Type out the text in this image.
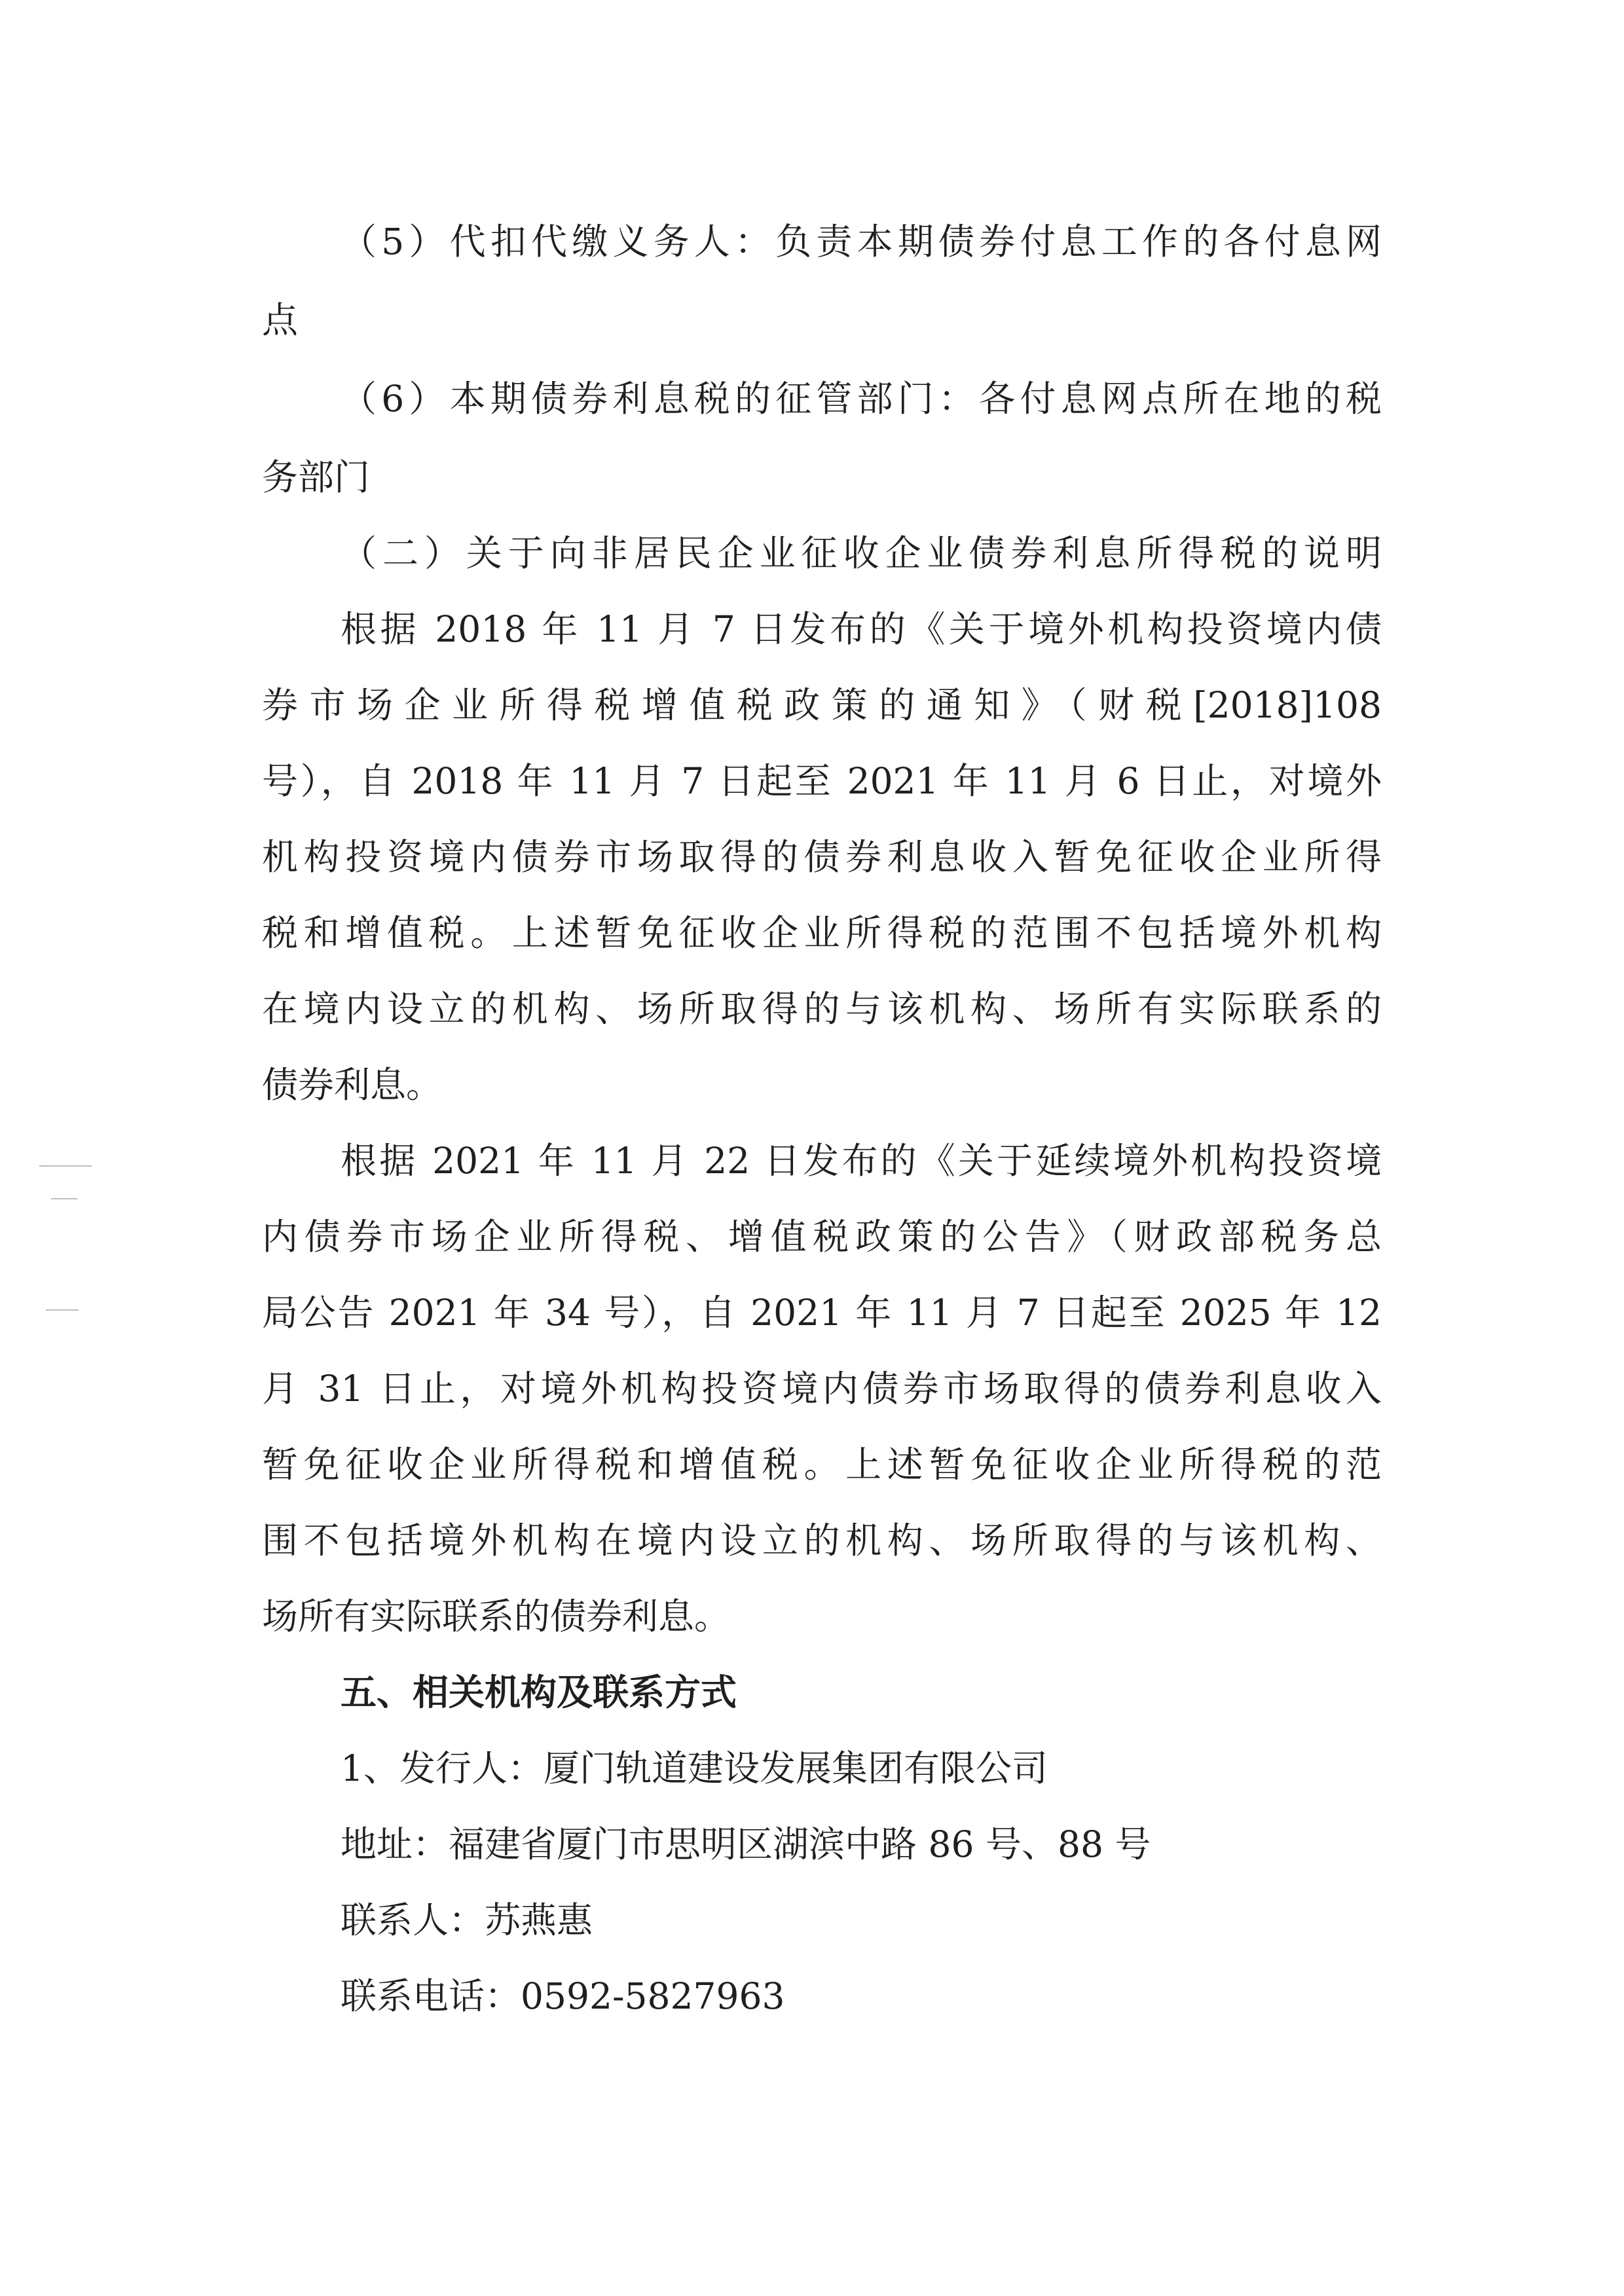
（5）代扣代缴义务人：负责本期债券付息工作的各付息网
点
（6）本期债券利息税的征管部门：各付息网点所在地的税
务部门
（二）关于向非居民企业征收企业债券利息所得税的说明
根据 2018 年 11 月 7 日发布的《关于境外机构投资境内债
券市场企业所得税增值税政策的通知》（财税[2018]108
号），自 2018 年 11 月 7 日起至 2021 年 11 月 6 日止，对境外
机构投资境内债券市场取得的债券利息收入暂免征收企业所得
税和增值税。上述暂免征收企业所得税的范围不包括境外机构
在境内设立的机构、场所取得的与该机构、场所有实际联系的
债券利息。
根据 2021 年 11 月 22 日发布的《关于延续境外机构投资境
内债券市场企业所得税、增值税政策的公告》（财政部税务总
局公告 2021 年 34 号），自 2021 年 11 月 7 日起至 2025 年 12
月 31 日止，对境外机构投资境内债券市场取得的债券利息收入
暂免征收企业所得税和增值税。上述暂免征收企业所得税的范
围不包括境外机构在境内设立的机构、场所取得的与该机构、
场所有实际联系的债券利息。
五、相关机构及联系方式
1、发行人：厦门轨道建设发展集团有限公司
地址：福建省厦门市思明区湖滨中路 86 号、88 号
联系人：苏燕惠
联系电话：0592-5827963
